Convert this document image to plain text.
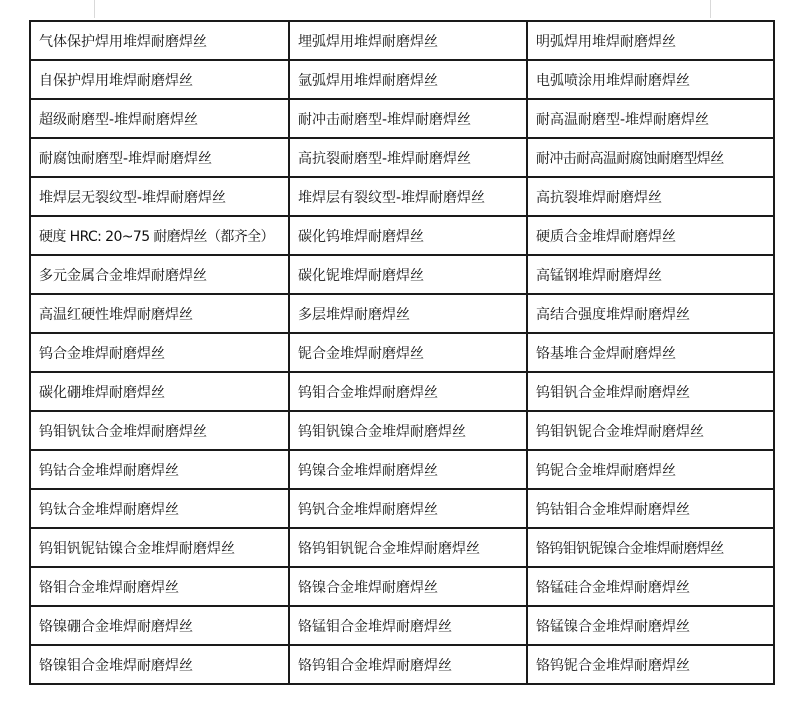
气体保护焊用堆焊耐磨焊丝	埋弧焊用堆焊耐磨焊丝	明弧焊用堆焊耐磨焊丝
自保护焊用堆焊耐磨焊丝	氩弧焊用堆焊耐磨焊丝	电弧喷涂用堆焊耐磨焊丝
超级耐磨型-堆焊耐磨焊丝	耐冲击耐磨型-堆焊耐磨焊丝	耐高温耐磨型-堆焊耐磨焊丝
耐腐蚀耐磨型-堆焊耐磨焊丝	高抗裂耐磨型-堆焊耐磨焊丝	耐冲击耐高温耐腐蚀耐磨型焊丝
堆焊层无裂纹型-堆焊耐磨焊丝	堆焊层有裂纹型-堆焊耐磨焊丝	高抗裂堆焊耐磨焊丝
硬度 HRC: 20~75 耐磨焊丝（都齐全）	碳化钨堆焊耐磨焊丝	硬质合金堆焊耐磨焊丝
多元金属合金堆焊耐磨焊丝	碳化铌堆焊耐磨焊丝	高锰钢堆焊耐磨焊丝
高温红硬性堆焊耐磨焊丝	多层堆焊耐磨焊丝	高结合强度堆焊耐磨焊丝
钨合金堆焊耐磨焊丝	铌合金堆焊耐磨焊丝	铬基堆合金焊耐磨焊丝
碳化硼堆焊耐磨焊丝	钨钼合金堆焊耐磨焊丝	钨钼钒合金堆焊耐磨焊丝
钨钼钒钛合金堆焊耐磨焊丝	钨钼钒镍合金堆焊耐磨焊丝	钨钼钒铌合金堆焊耐磨焊丝
钨钴合金堆焊耐磨焊丝	钨镍合金堆焊耐磨焊丝	钨铌合金堆焊耐磨焊丝
钨钛合金堆焊耐磨焊丝	钨钒合金堆焊耐磨焊丝	钨钴钼合金堆焊耐磨焊丝
钨钼钒铌钴镍合金堆焊耐磨焊丝	铬钨钼钒铌合金堆焊耐磨焊丝	铬钨钼钒铌镍合金堆焊耐磨焊丝
铬钼合金堆焊耐磨焊丝	铬镍合金堆焊耐磨焊丝	铬锰硅合金堆焊耐磨焊丝
铬镍硼合金堆焊耐磨焊丝	铬锰钼合金堆焊耐磨焊丝	铬锰镍合金堆焊耐磨焊丝
铬镍钼合金堆焊耐磨焊丝	铬钨钼合金堆焊耐磨焊丝	铬钨铌合金堆焊耐磨焊丝
